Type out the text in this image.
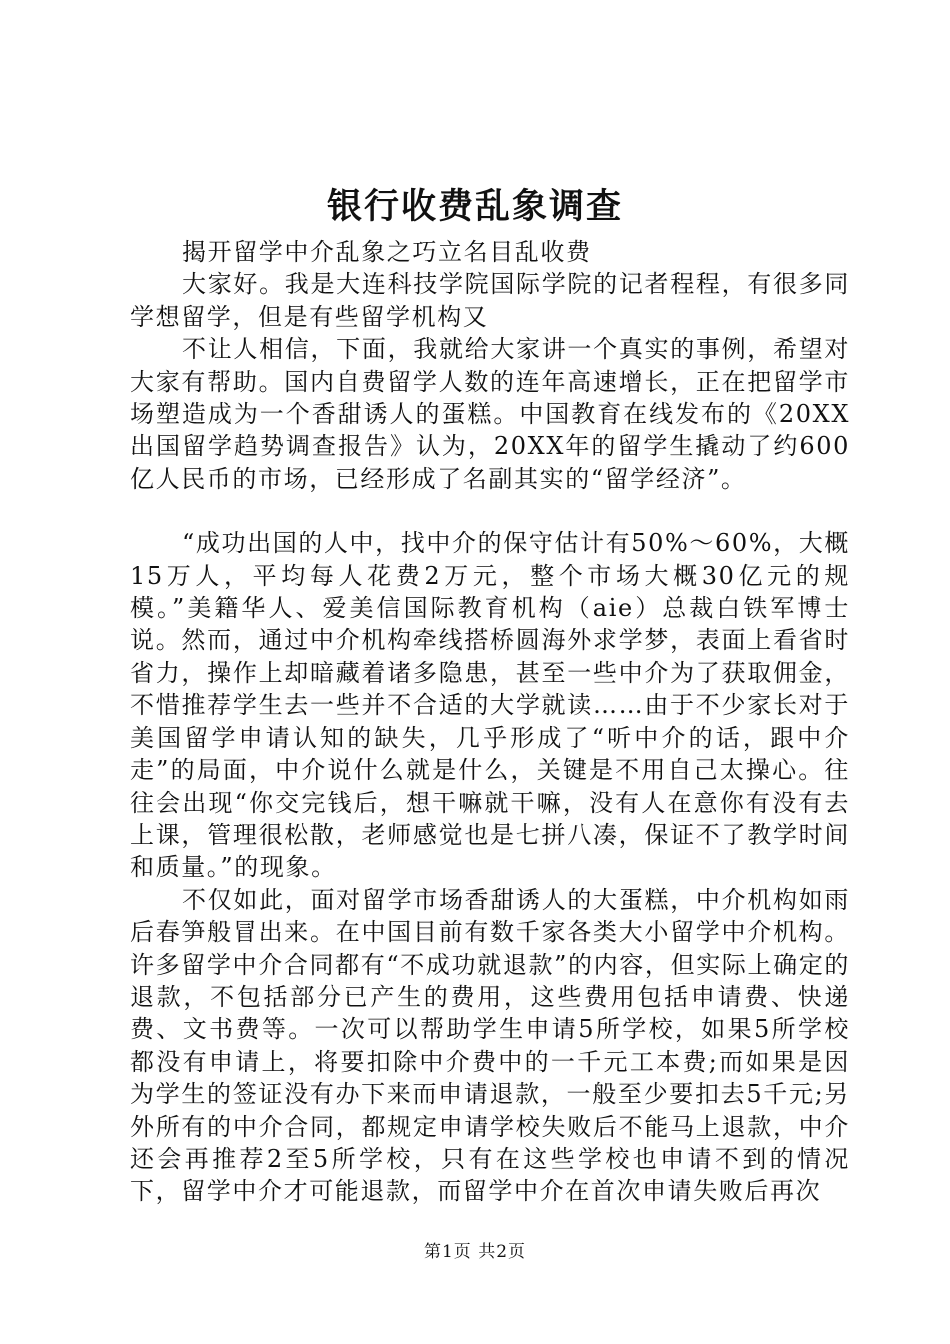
银行收费乱象调查

揭开留学中介乱象之巧立名目乱收费

大家好。我是大连科技学院国际学院的记者程程，有很多同学想留学，但是有些留学机构又

不让人相信，下面，我就给大家讲一个真实的事例，希望对大家有帮助。国内自费留学人数的连年高速增长，正在把留学市场塑造成为一个香甜诱人的蛋糕。中国教育在线发布的《20XX出国留学趋势调查报告》认为，20XX年的留学生撬动了约600亿人民币的市场，已经形成了名副其实的“留学经济”。

“成功出国的人中，找中介的保守估计有50%～60%，大概15万人，平均每人花费2万元，整个市场大概30亿元的规模。”美籍华人、爱美信国际教育机构（aie）总裁白铁军博士说。然而，通过中介机构牵线搭桥圆海外求学梦，表面上看省时省力，操作上却暗藏着诸多隐患，甚至一些中介为了获取佣金，不惜推荐学生去一些并不合适的大学就读……由于不少家长对于美国留学申请认知的缺失，几乎形成了“听中介的话，跟中介走”的局面，中介说什么就是什么，关键是不用自己太操心。往往会出现“你交完钱后，想干嘛就干嘛，没有人在意你有没有去上课，管理很松散，老师感觉也是七拼八凑，保证不了教学时间和质量。”的现象。

不仅如此，面对留学市场香甜诱人的大蛋糕，中介机构如雨后春笋般冒出来。在中国目前有数千家各类大小留学中介机构。许多留学中介合同都有“不成功就退款”的内容，但实际上确定的退款，不包括部分已产生的费用，这些费用包括申请费、快递费、文书费等。一次可以帮助学生申请5所学校，如果5所学校都没有申请上，将要扣除中介费中的一千元工本费;而如果是因为学生的签证没有办下来而申请退款，一般至少要扣去5千元;另外所有的中介合同，都规定申请学校失败后不能马上退款，中介还会再推荐2至5所学校，只有在这些学校也申请不到的情况下，留学中介才可能退款，而留学中介在首次申请失败后再次

第1页 共2页
